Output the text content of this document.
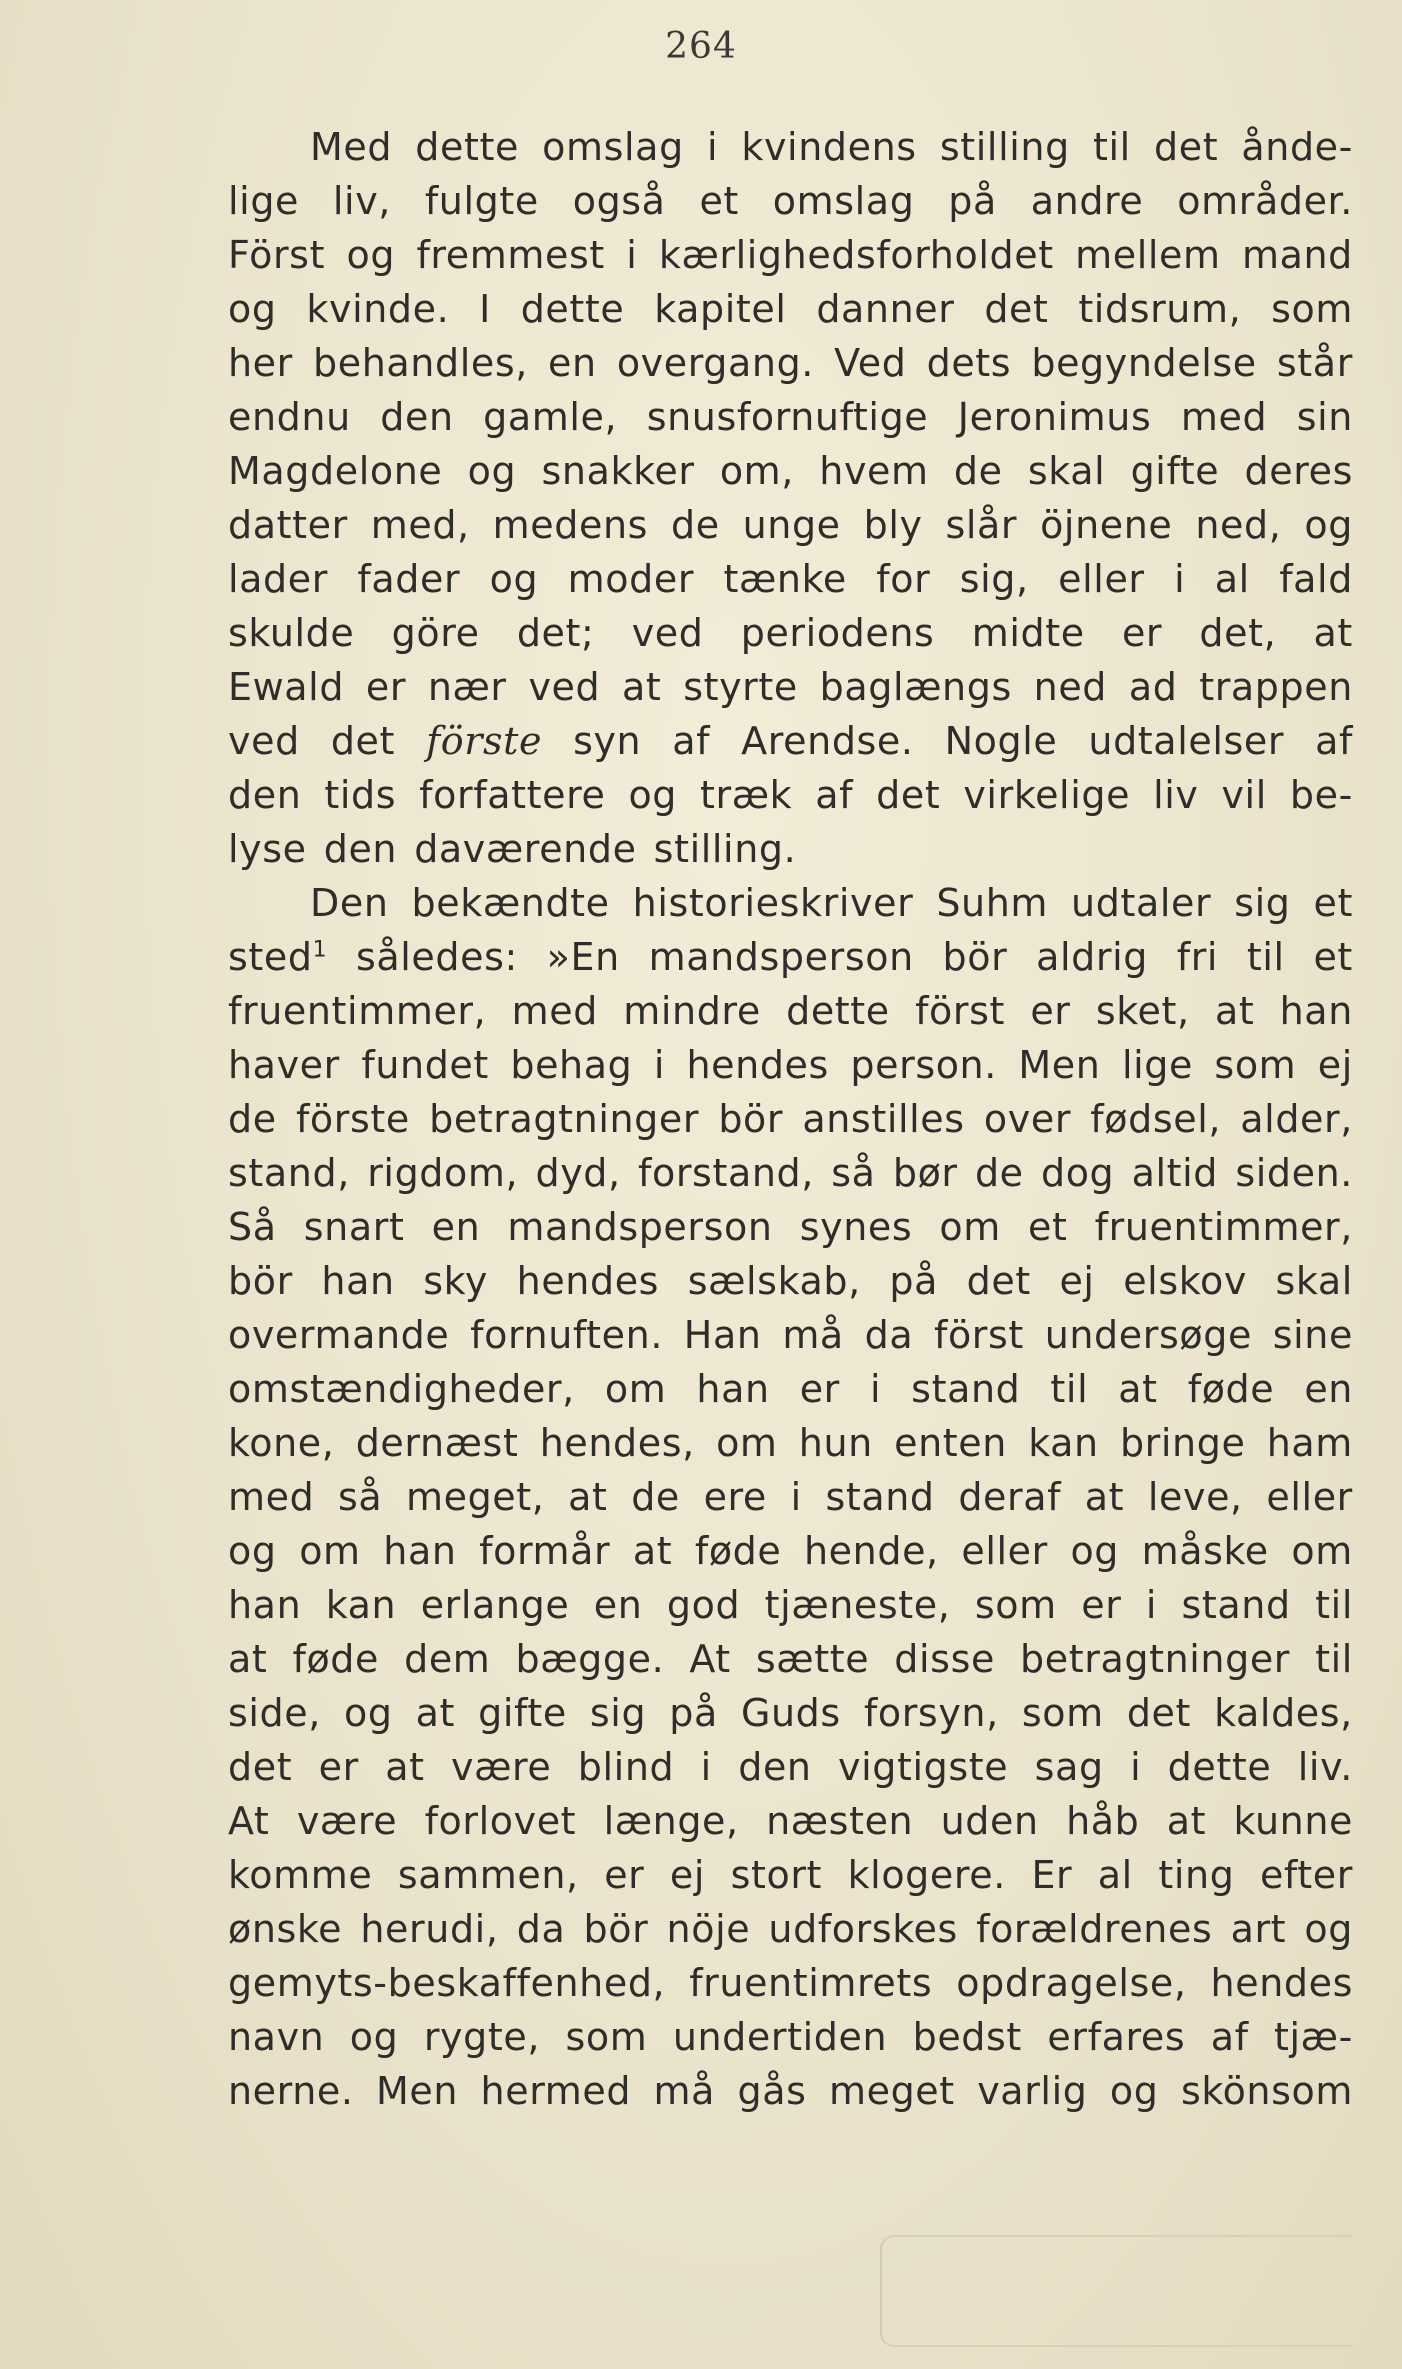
264
Med dette omslag i kvindens stilling til det ånde-
lige liv, fulgte også et omslag på andre områder.
Först og fremmest i kærlighedsforholdet mellem mand
og kvinde. I dette kapitel danner det tidsrum, som
her behandles, en overgang. Ved dets begyndelse står
endnu den gamle, snusfornuftige Jeronimus med sin
Magdelone og snakker om, hvem de skal gifte deres
datter med, medens de unge bly slår öjnene ned, og
lader fader og moder tænke for sig, eller i al fald
skulde göre det; ved periodens midte er det, at
Ewald er nær ved at styrte baglængs ned ad trappen
ved det förste syn af Arendse. Nogle udtalelser af
den tids forfattere og træk af det virkelige liv vil be-
lyse den daværende stilling.
Den bekændte historieskriver Suhm udtaler sig et
sted$^1$ således: »En mandsperson bör aldrig fri til et
fruentimmer, med mindre dette först er sket, at han
haver fundet behag i hendes person. Men lige som ej
de förste betragtninger bör anstilles over fødsel, alder,
stand, rigdom, dyd, forstand, så bør de dog altid siden.
Så snart en mandsperson synes om et fruentimmer,
bör han sky hendes sælskab, på det ej elskov skal
overmande fornuften. Han må da först undersøge sine
omstændigheder, om han er i stand til at føde en
kone, dernæst hendes, om hun enten kan bringe ham
med så meget, at de ere i stand deraf at leve, eller
og om han formår at føde hende, eller og måske om
han kan erlange en god tjæneste, som er i stand til
at føde dem bægge. At sætte disse betragtninger til
side, og at gifte sig på Guds forsyn, som det kaldes,
det er at være blind i den vigtigste sag i dette liv.
At være forlovet længe, næsten uden håb at kunne
komme sammen, er ej stort klogere. Er al ting efter
ønske herudi, da bör nöje udforskes forældrenes art og
gemyts-beskaffenhed, fruentimrets opdragelse, hendes
navn og rygte, som undertiden bedst erfares af tjæ-
nerne. Men hermed må gås meget varlig og skönsom
